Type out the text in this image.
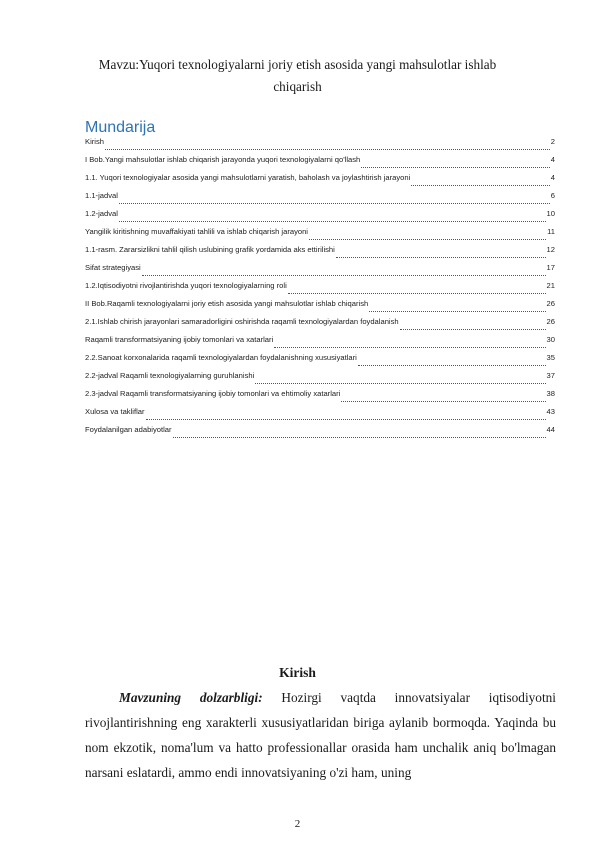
Mavzu:Yuqori texnologiyalarni joriy etish asosida yangi mahsulotlar ishlab chiqarish
Mundarija
Kirish	2
I Bob.Yangi mahsulotlar ishlab chiqarish jarayonda yuqori texnologiyalarni qo'llash	4
1.1. Yuqori texnologiyalar asosida yangi mahsulotlarni yaratish, baholash va joylashtirish jarayoni	4
1.1-jadval	6
1.2-jadval	10
Yangilik kiritishning muvaffakiyati tahlili va ishlab chiqarish jarayoni	11
1.1-rasm. Zararsizlikni tahlil qilish uslubining grafik yordamida aks ettirilishi	12
Sifat strategiyasi	17
1.2.Iqtisodiyotni rivojlantirishda yuqori texnologiyalarning roli	21
II Bob.Raqamli texnologiyalarni joriy etish asosida yangi mahsulotlar ishlab chiqarish	26
2.1.Ishlab chirish jarayonlari samaradorligini oshirishda raqamli texnologiyalardan foydalanish	26
Raqamli transformatsiyaning ijobiy tomonlari va xatarlari	30
2.2.Sanoat korxonalarida raqamli texnologiyalardan foydalanishning xususiyatlari	35
2.2-jadval Raqamli texnologiyalarning guruhlanishi	37
2.3-jadval Raqamli transformatsiyaning ijobiy tomonlari va ehtimoliy xatarlari	38
Xulosa va takliflar	43
Foydalanilgan adabiyotlar	44
Kirish
Mavzuning dolzarbligi: Hozirgi vaqtda innovatsiyalar iqtisodiyotni rivojlantirishning eng xarakterli xususiyatlaridan biriga aylanib bormoqda. Yaqinda bu nom ekzotik, noma'lum va hatto professionallar orasida ham unchalik aniq bo'lmagan narsani eslatardi, ammo endi innovatsiyaning o'zi ham, uning
2
